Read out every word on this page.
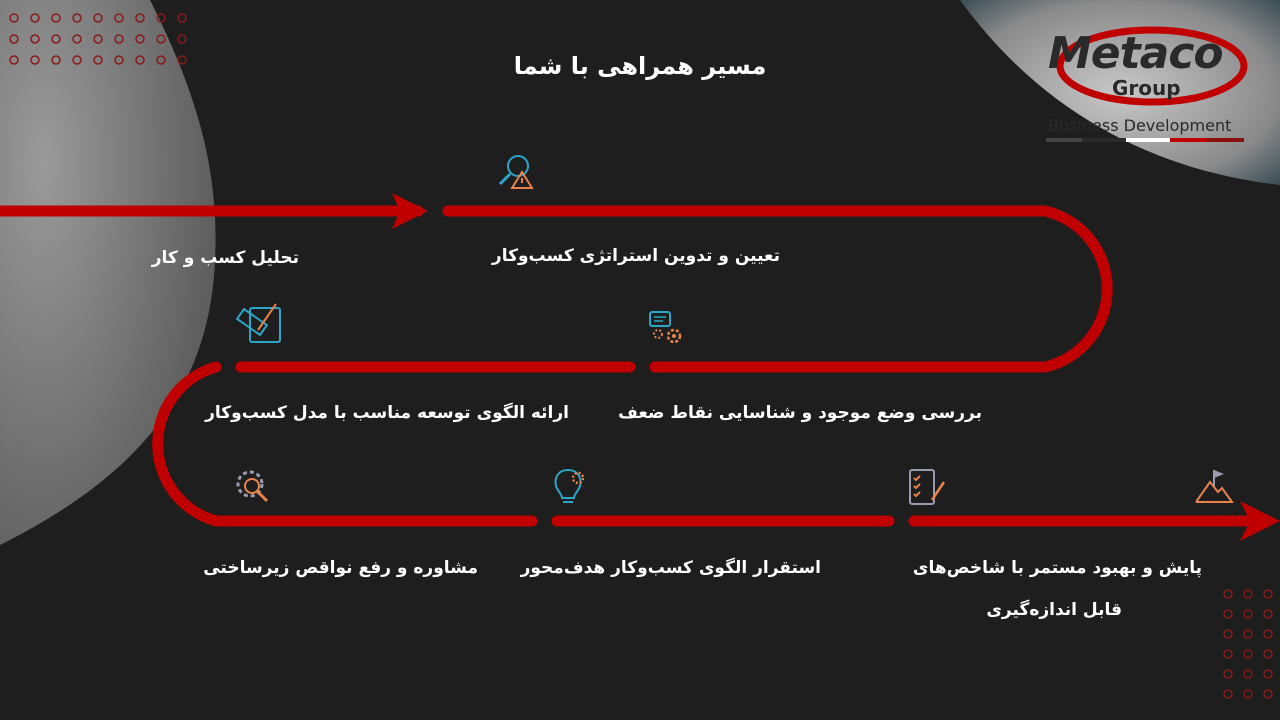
Metaco
Group
Business Development
مسیر همراهی با شما
تحلیل کسب و کار	تعیین و تدوین استراتژی کسب‌وکار
بررسی وضع موجود و شناسایی نقاط ضعف
ارائه الگوی توسعه مناسب با مدل کسب‌وکار
مشاوره و رفع نواقص زیرساختی	استقرار الگوی کسب‌وکار هدف‌محور	پایش و بهبود مستمر با شاخص‌های
قابل اندازه‌گیری
